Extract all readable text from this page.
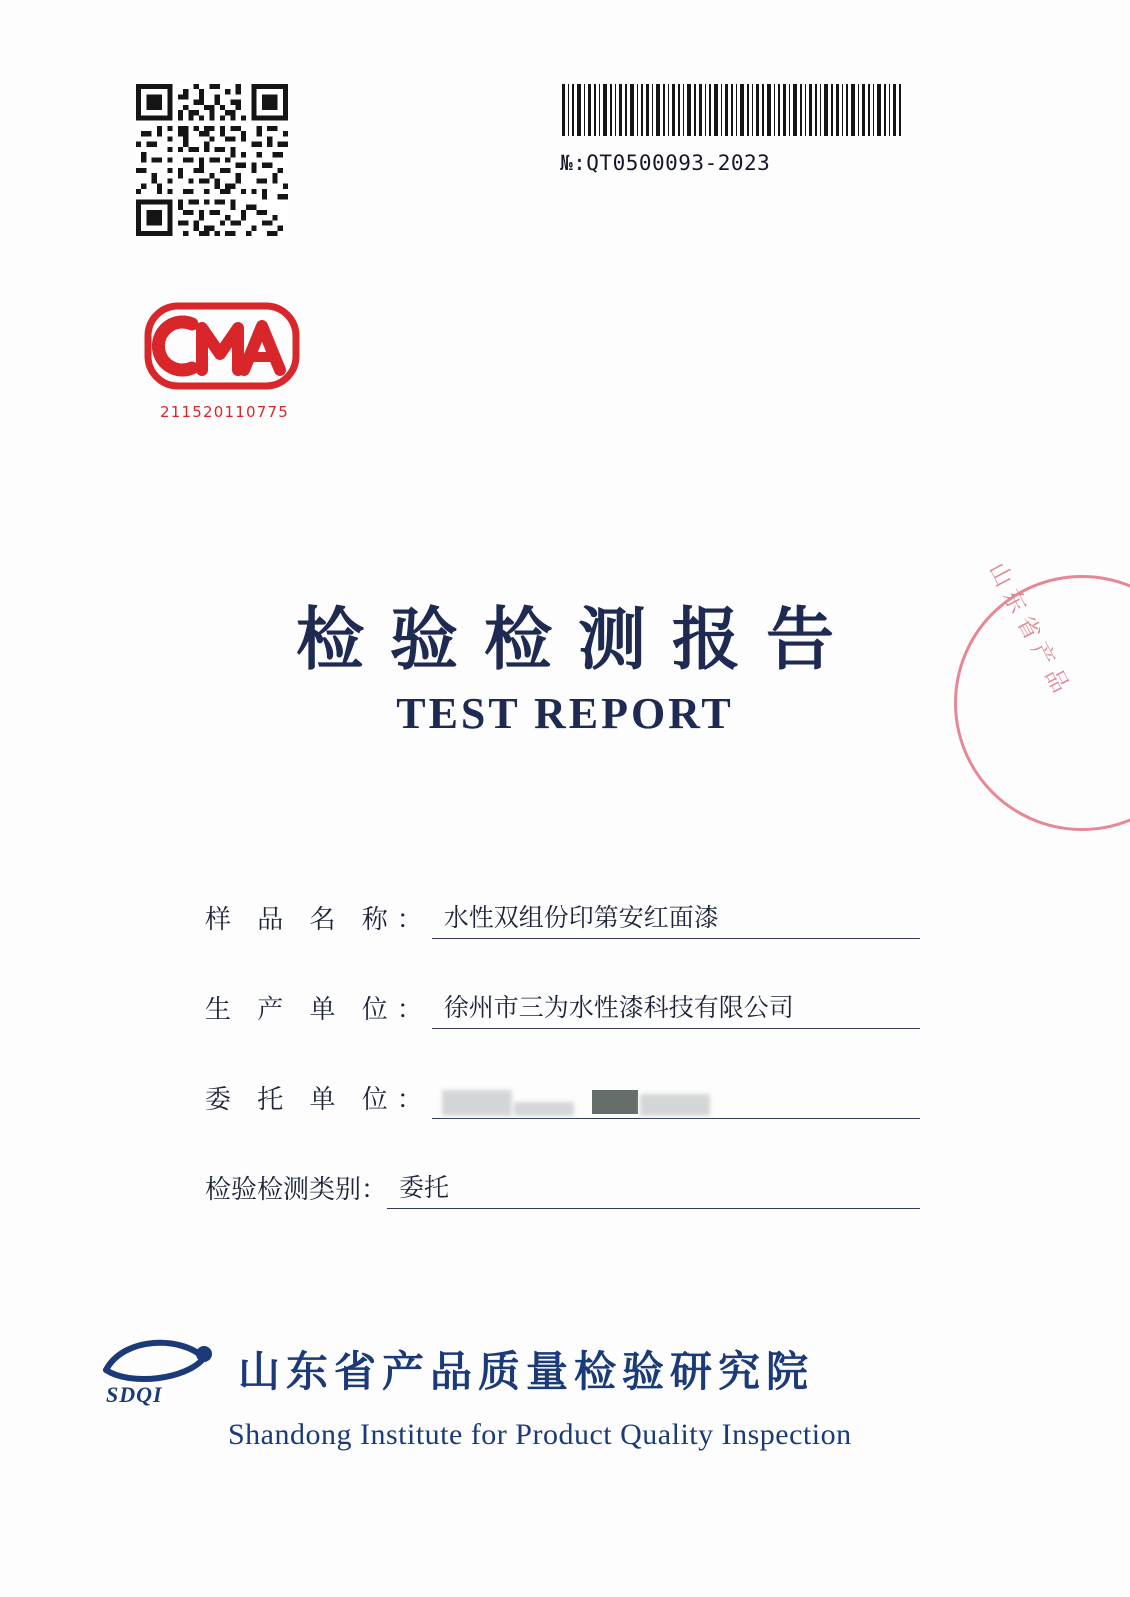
№:QT0500093-2023
211520110775
山东省产品
检验检测报告
TEST REPORT
样 品 名 称： 水性双组份印第安红面漆
生 产 单 位： 徐州市三为水性漆科技有限公司
委 托 单 位：
检验检测类别： 委托
SDQI 山东省产品质量检验研究院
Shandong Institute for Product Quality Inspection
